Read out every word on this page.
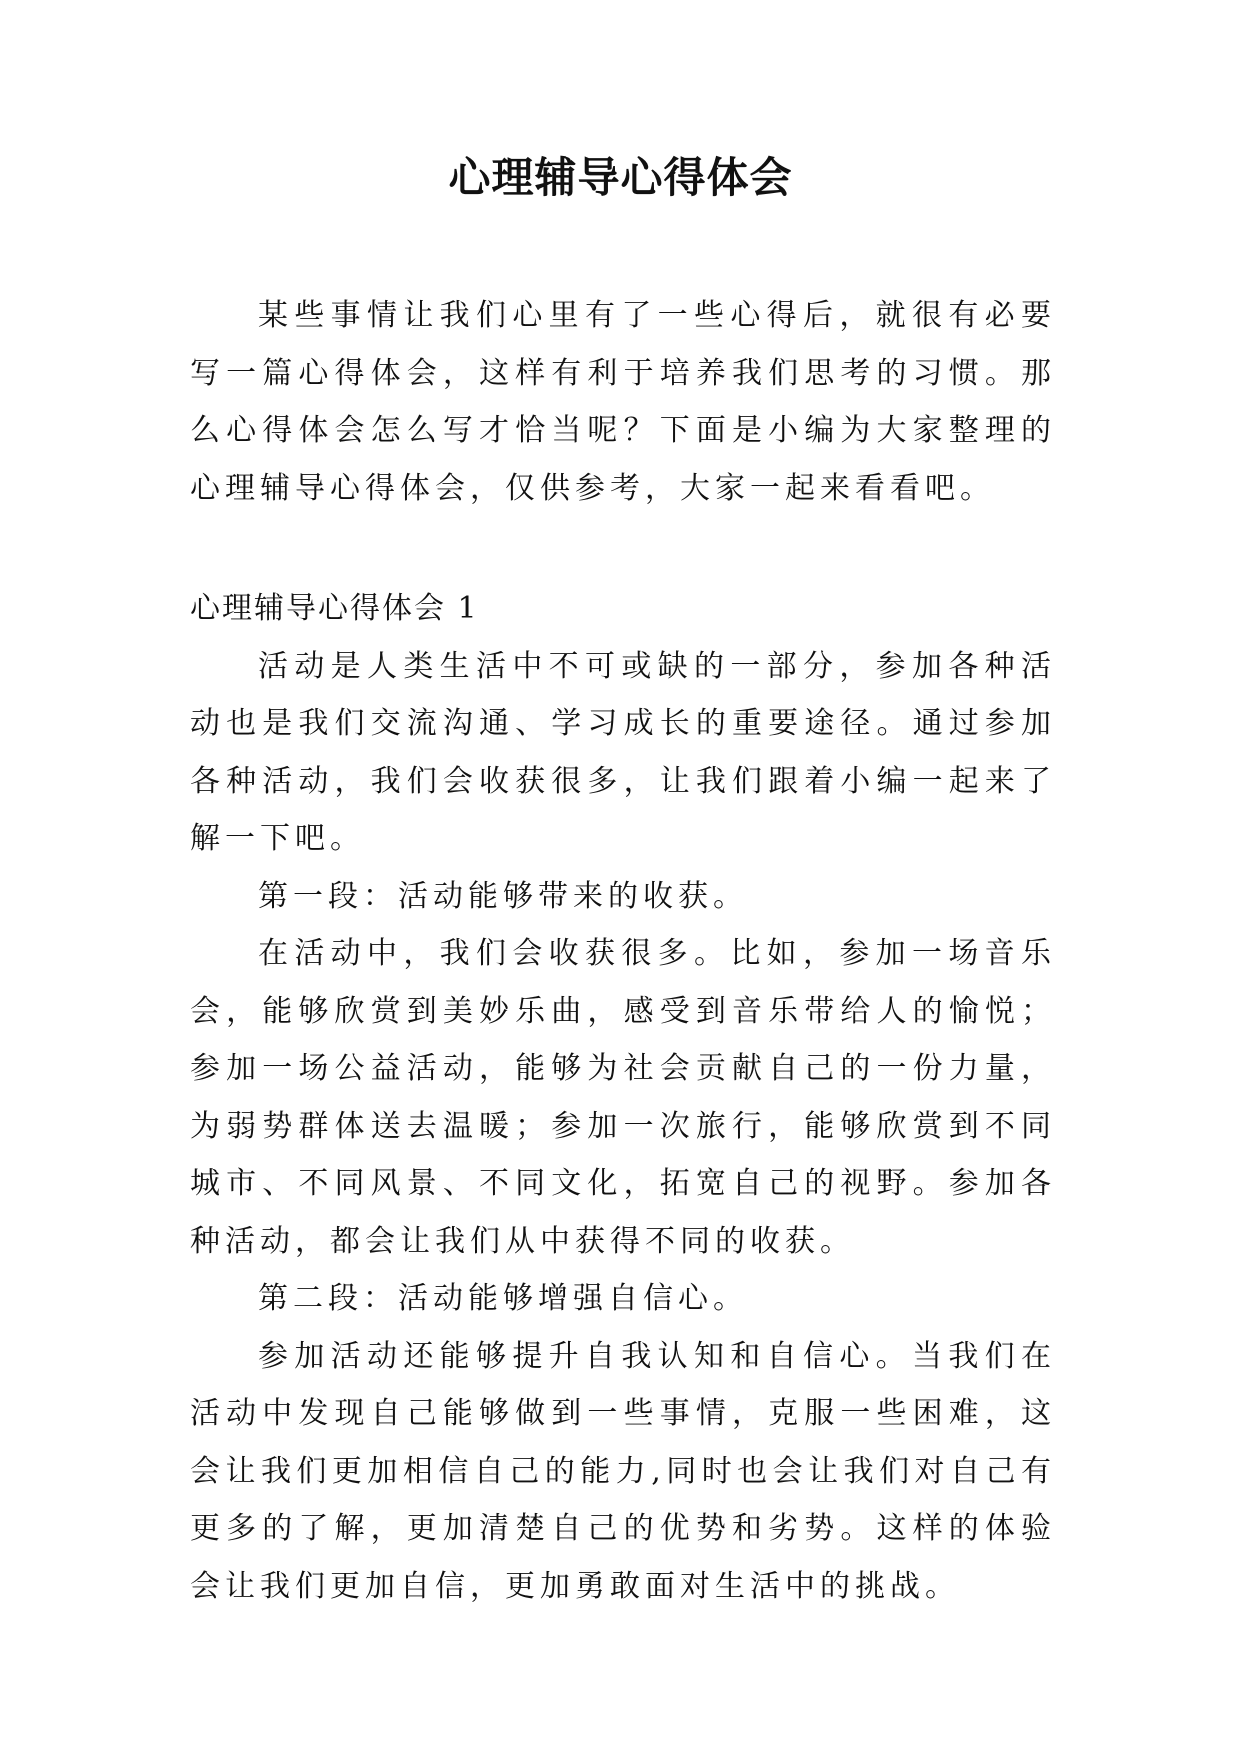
心理辅导心得体会

某些事情让我们心里有了一些心得后，就很有必要写一篇心得体会，这样有利于培养我们思考的习惯。那么心得体会怎么写才恰当呢？下面是小编为大家整理的心理辅导心得体会，仅供参考，大家一起来看看吧。

心理辅导心得体会 1

活动是人类生活中不可或缺的一部分，参加各种活动也是我们交流沟通、学习成长的重要途径。通过参加各种活动，我们会收获很多，让我们跟着小编一起来了解一下吧。

第一段：活动能够带来的收获。

在活动中，我们会收获很多。比如，参加一场音乐会，能够欣赏到美妙乐曲，感受到音乐带给人的愉悦；参加一场公益活动，能够为社会贡献自己的一份力量，为弱势群体送去温暖；参加一次旅行，能够欣赏到不同城市、不同风景、不同文化，拓宽自己的视野。参加各种活动，都会让我们从中获得不同的收获。

第二段：活动能够增强自信心。

参加活动还能够提升自我认知和自信心。当我们在活动中发现自己能够做到一些事情，克服一些困难，这会让我们更加相信自己的能力,同时也会让我们对自己有更多的了解，更加清楚自己的优势和劣势。这样的体验会让我们更加自信，更加勇敢面对生活中的挑战。
